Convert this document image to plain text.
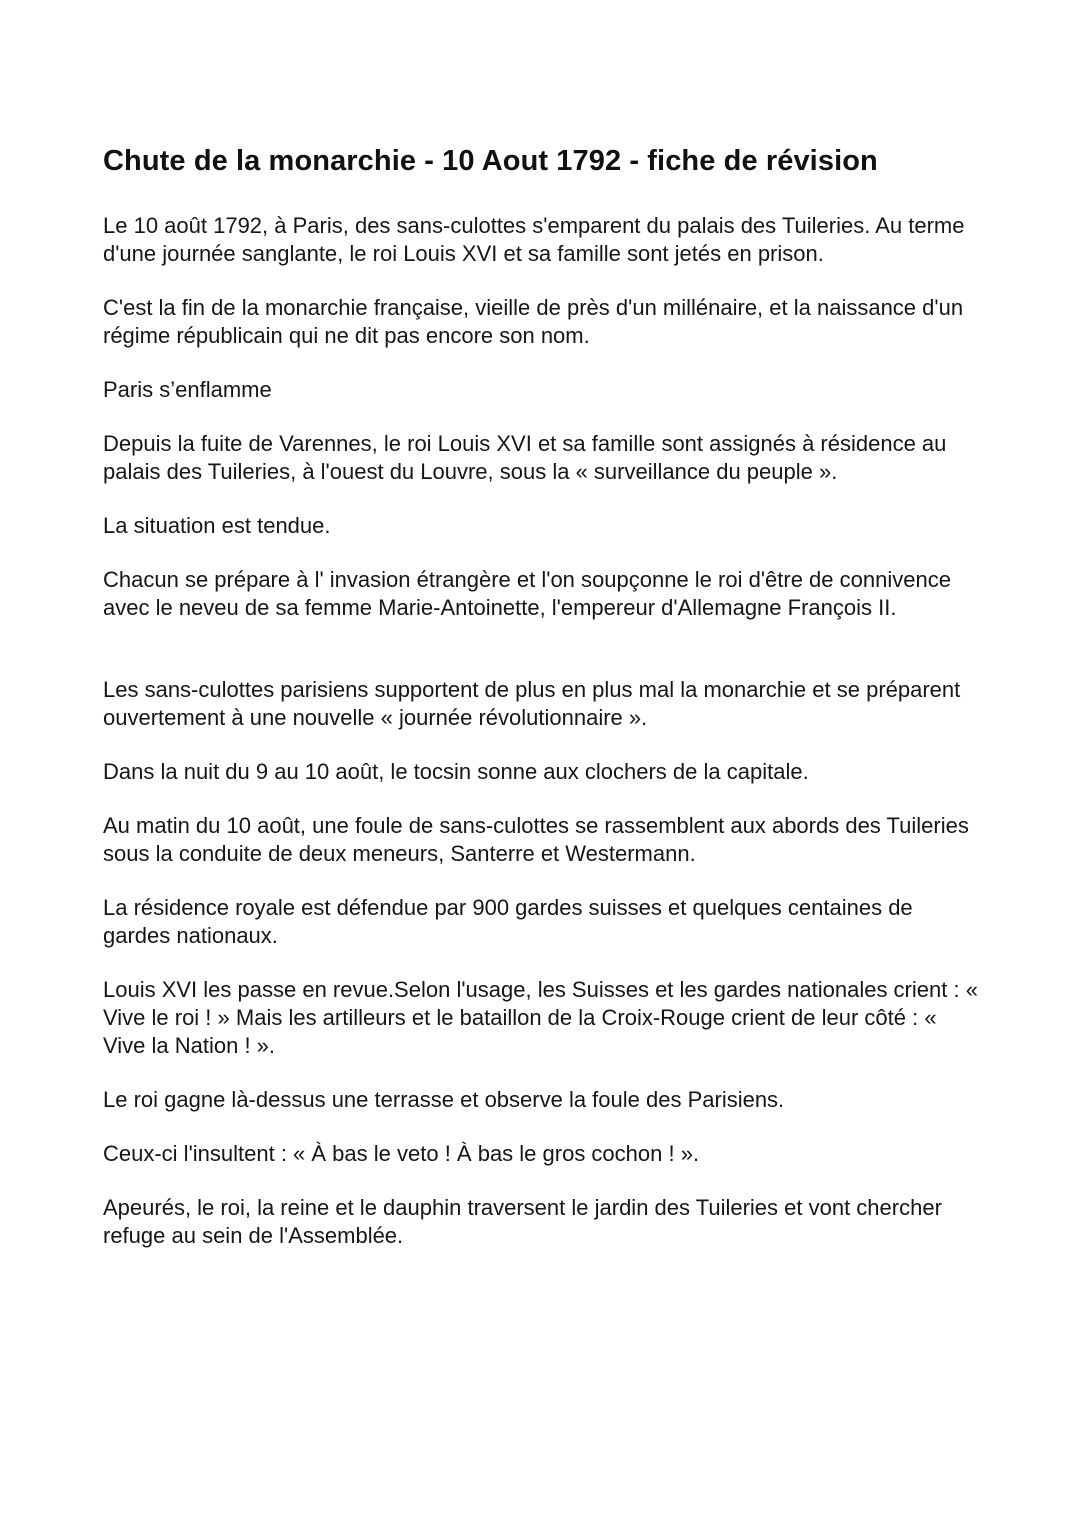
Chute de la monarchie - 10 Aout 1792 - fiche de révision

Le 10 août 1792, à Paris, des sans-culottes s'emparent du palais des Tuileries. Au terme d'une journée sanglante, le roi Louis XVI et sa famille sont jetés en prison.

C'est la fin de la monarchie française, vieille de près d'un millénaire, et la naissance d'un régime républicain qui ne dit pas encore son nom.

Paris s’enflamme

Depuis la fuite de Varennes, le roi Louis XVI et sa famille sont assignés à résidence au palais des Tuileries, à l'ouest du Louvre, sous la « surveillance du peuple ».

La situation est tendue.

Chacun se prépare à l' invasion étrangère et l'on soupçonne le roi d'être de connivence avec le neveu de sa femme Marie-Antoinette, l'empereur d'Allemagne François II.

Les sans-culottes parisiens supportent de plus en plus mal la monarchie et se préparent ouvertement à une nouvelle « journée révolutionnaire ».

Dans la nuit du 9 au 10 août, le tocsin sonne aux clochers de la capitale.

Au matin du 10 août, une foule de sans-culottes se rassemblent aux abords des Tuileries sous la conduite de deux meneurs, Santerre et Westermann.

La résidence royale est défendue par 900 gardes suisses et quelques centaines de gardes nationaux.

Louis XVI les passe en revue.Selon l'usage, les Suisses et les gardes nationales crient : « Vive le roi ! » Mais les artilleurs et le bataillon de la Croix-Rouge crient de leur côté : « Vive la Nation ! ».

Le roi gagne là-dessus une terrasse et observe la foule des Parisiens.

Ceux-ci l'insultent : « À bas le veto ! À bas le gros cochon ! ».

Apeurés, le roi, la reine et le dauphin traversent le jardin des Tuileries et vont chercher refuge au sein de l'Assemblée.
